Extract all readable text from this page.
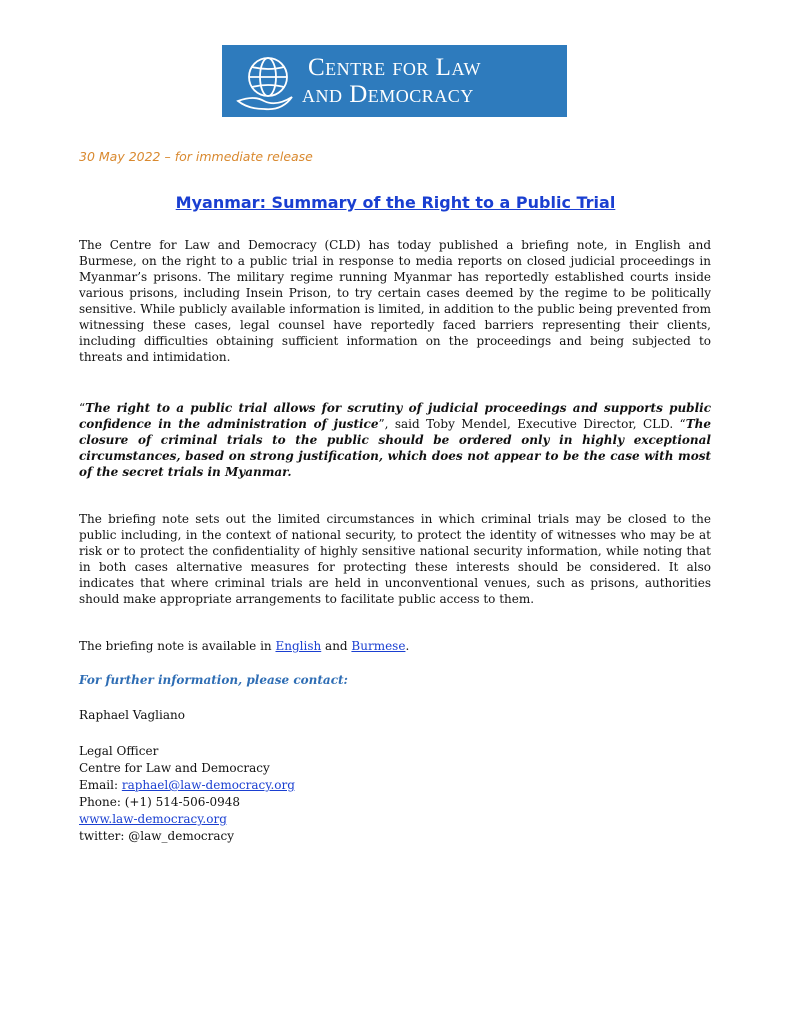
Centre for Law
and Democracy
30 May 2022 – for immediate release
Myanmar: Summary of the Right to a Public Trial

The Centre for Law and Democracy (CLD) has today published a briefing note, in English and Burmese, on the right to a public trial in response to media reports on closed judicial proceedings in Myanmar’s prisons. The military regime running Myanmar has reportedly established courts inside various prisons, including Insein Prison, to try certain cases deemed by the regime to be politically sensitive. While publicly available information is limited, in addition to the public being prevented from witnessing these cases, legal counsel have reportedly faced barriers representing their clients, including difficulties obtaining sufficient information on the proceedings and being subjected to threats and intimidation.

“The right to a public trial allows for scrutiny of judicial proceedings and supports public confidence in the administration of justice”, said Toby Mendel, Executive Director, CLD. “The closure of criminal trials to the public should be ordered only in highly exceptional circumstances, based on strong justification, which does not appear to be the case with most of the secret trials in Myanmar.

The briefing note sets out the limited circumstances in which criminal trials may be closed to the public including, in the context of national security, to protect the identity of witnesses who may be at risk or to protect the confidentiality of highly sensitive national security information, while noting that in both cases alternative measures for protecting these interests should be considered. It also indicates that where criminal trials are held in unconventional venues, such as prisons, authorities should make appropriate arrangements to facilitate public access to them.

The briefing note is available in English and Burmese.

For further information, please contact:
Raphael Vagliano
Legal Officer
Centre for Law and Democracy
Email: raphael@law-democracy.org
Phone: (+1) 514-506-0948
www.law-democracy.org
twitter: @law_democracy
